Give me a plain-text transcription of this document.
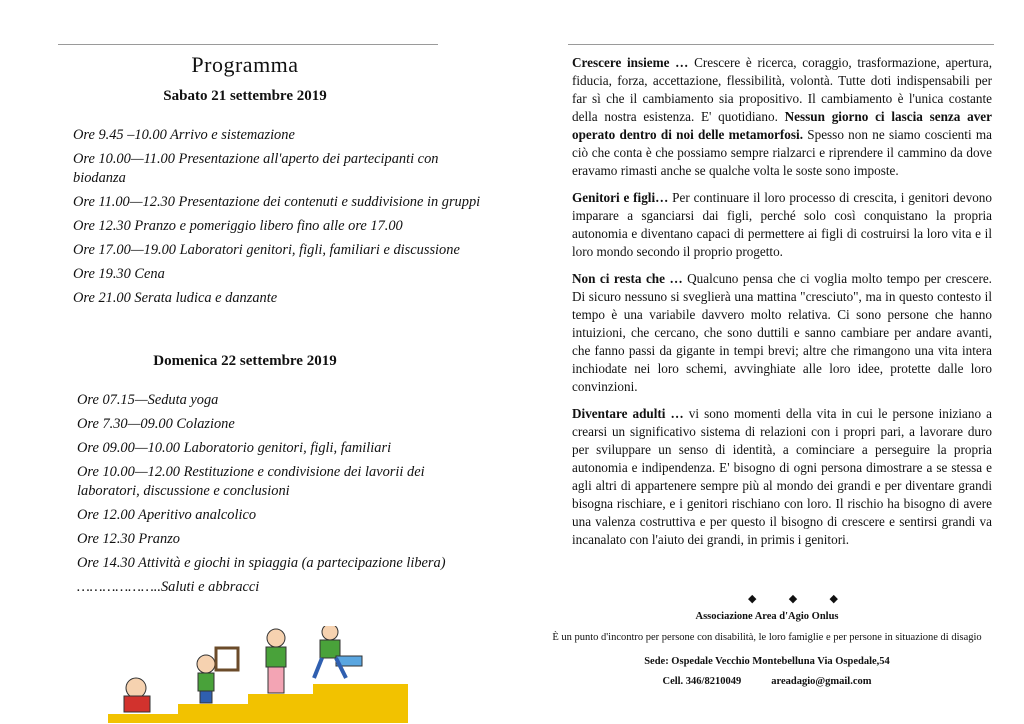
Programma
Sabato 21 settembre 2019
Ore 9.45 –10.00 Arrivo e sistemazione
Ore 10.00—11.00 Presentazione all'aperto dei partecipanti con biodanza
Ore 11.00—12.30 Presentazione dei contenuti e suddivisione in gruppi
Ore 12.30 Pranzo e pomeriggio libero fino alle ore 17.00
Ore 17.00—19.00 Laboratori genitori, figli, familiari e discussione
Ore 19.30 Cena
Ore 21.00 Serata ludica e danzante
Domenica 22 settembre 2019
Ore 07.15—Seduta yoga
Ore 7.30—09.00 Colazione
Ore 09.00—10.00 Laboratorio genitori, figli, familiari
Ore 10.00—12.00 Restituzione e condivisione dei lavorii dei laboratori, discussione e conclusioni
Ore 12.00 Aperitivo analcolico
Ore 12.30 Pranzo
Ore 14.30 Attività e giochi in spiaggia (a partecipazione libera)
………………..Saluti e abbracci

Crescere insieme … Crescere è ricerca, coraggio, trasformazione, apertura, fiducia, forza, accettazione, flessibilità, volontà. Tutte doti indispensabili per far sì che il cambiamento sia propositivo. Il cambiamento è l'unica costante della nostra esistenza. E' quotidiano. Nessun giorno ci lascia senza aver operato dentro di noi delle metamorfosi. Spesso non ne siamo coscienti ma ciò che conta è che possiamo sempre rialzarci e riprendere il cammino da dove eravamo rimasti anche se qualche volta le soste sono imposte.

Genitori e figli… Per continuare il loro processo di crescita, i genitori devono imparare a sganciarsi dai figli, perché solo così conquistano la propria autonomia e diventano capaci di permettere ai figli di costruirsi la loro vita e il loro mondo secondo il proprio progetto.

Non ci resta che … Qualcuno pensa che ci voglia molto tempo per crescere. Di sicuro nessuno si sveglierà una mattina "cresciuto", ma in questo contesto il tempo è una variabile davvero molto relativa. Ci sono persone che hanno intuizioni, che cercano, che sono duttili e sanno cambiare per andare avanti, che fanno passi da gigante in tempi brevi; altre che rimangono una vita intera inchiodate nei loro schemi, avvinghiate alle loro idee, protette dalle loro convinzioni.

Diventare adulti … vi sono momenti della vita in cui le persone iniziano a crearsi un significativo sistema di relazioni con i propri pari, a lavorare duro per sviluppare un senso di identità, a cominciare a perseguire la propria autonomia e indipendenza. E' bisogno di ogni persona dimostrare a se stessa e agli altri di appartenere sempre più al mondo dei grandi e per diventare grandi bisogna rischiare, e i genitori rischiano con loro. Il rischio ha bisogno di avere una valenza costruttiva e per questo il bisogno di crescere e sentirsi grandi va incanalato con l'aiuto dei grandi, in primis i genitori.

◆	◆	◆
Associazione Area d'Agio Onlus
È un punto d'incontro per persone con disabilità, le loro famiglie e per persone in situazione di disagio
Sede: Ospedale Vecchio Montebelluna Via Ospedale,54
Cell. 346/8210049	areadagio@gmail.com
